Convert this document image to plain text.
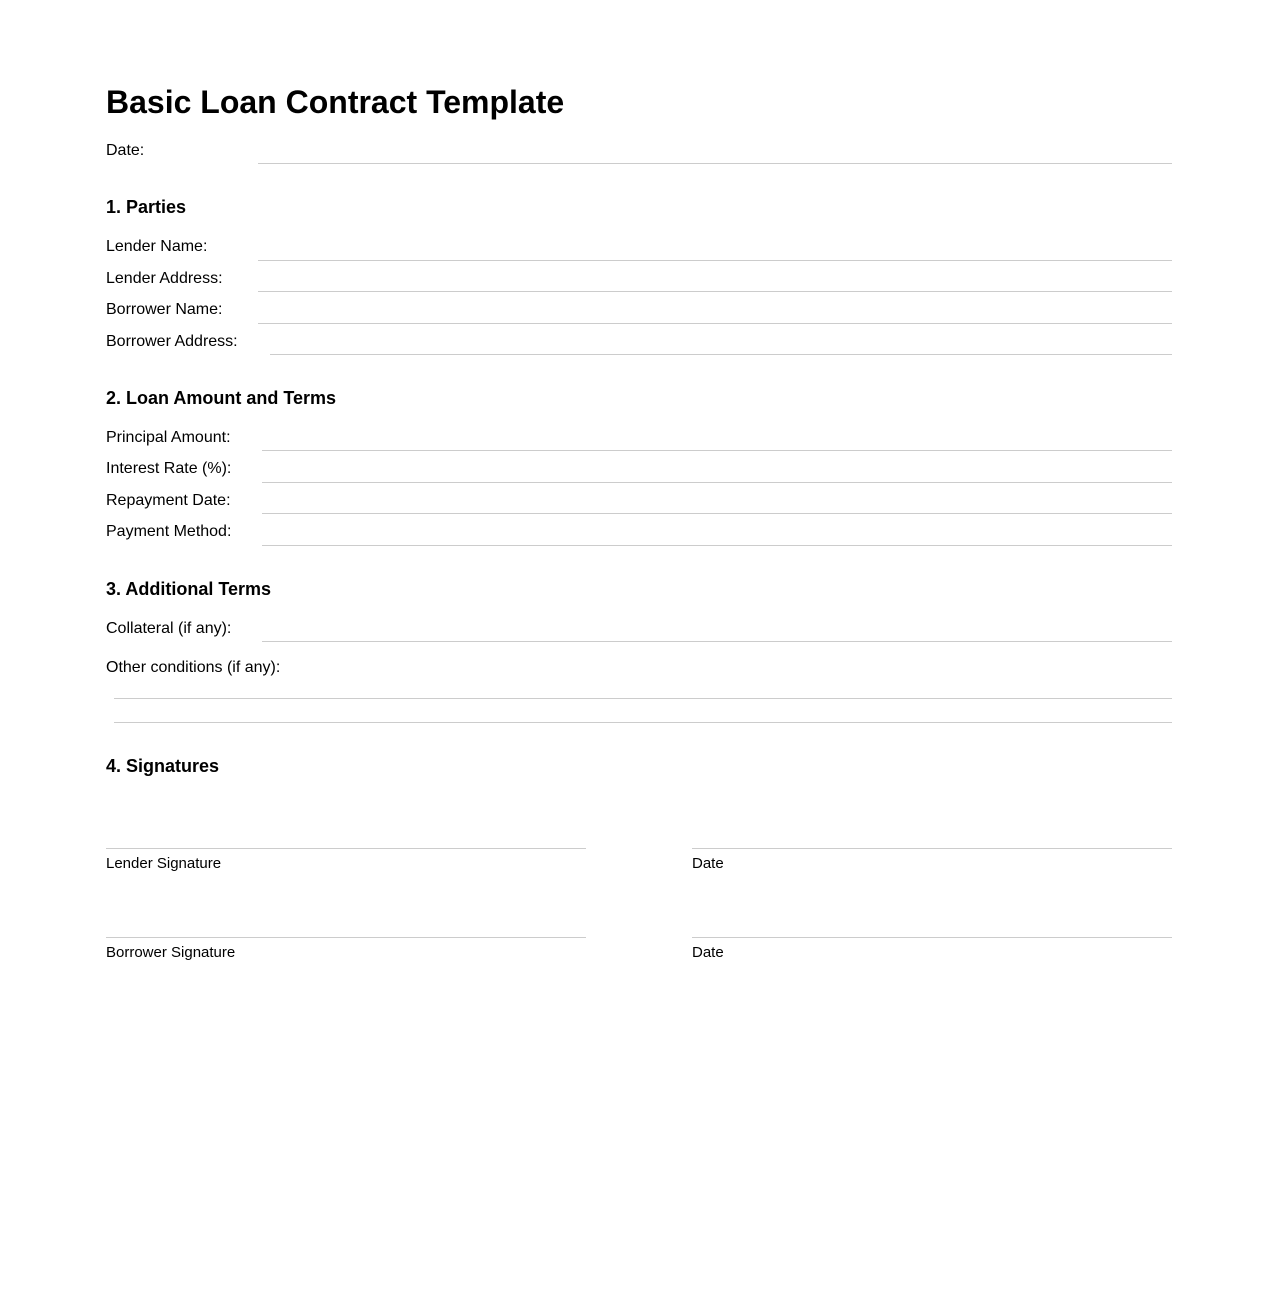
Basic Loan Contract Template
Date:
1. Parties
Lender Name:
Lender Address:
Borrower Name:
Borrower Address:
2. Loan Amount and Terms
Principal Amount:
Interest Rate (%):
Repayment Date:
Payment Method:
3. Additional Terms
Collateral (if any):
Other conditions (if any):
4. Signatures
Lender Signature	Date
Borrower Signature	Date
